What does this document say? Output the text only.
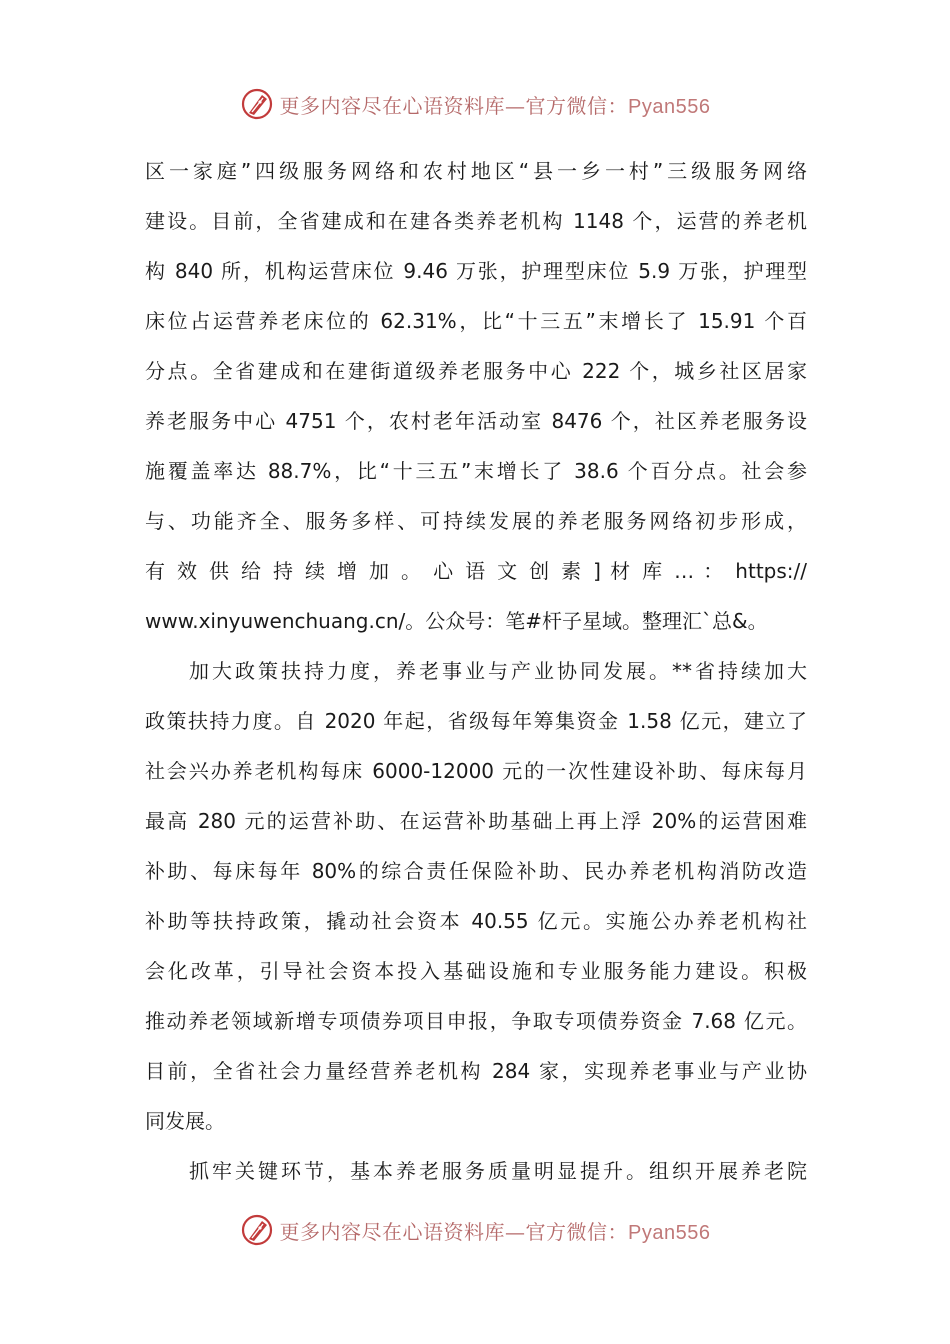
更多内容尽在心语资料库—官方微信：Pyan556
区一家庭”四级服务网络和农村地区“县一乡一村”三级服务网络
建设。目前，全省建成和在建各类养老机构 1148 个，运营的养老机
构 840 所，机构运营床位 9.46 万张，护理型床位 5.9 万张，护理型
床位占运营养老床位的 62.31%，比“十三五”末增长了 15.91 个百
分点。全省建成和在建街道级养老服务中心 222 个，城乡社区居家
养老服务中心 4751 个，农村老年活动室 8476 个，社区养老服务设
施覆盖率达 88.7%，比“十三五”末增长了 38.6 个百分点。社会参
与、功能齐全、服务多样、可持续发展的养老服务网络初步形成，
有 效 供 给 持 续 增 加 。 心 语 文 创 素 ] 材 库 … ： https://
www.xinyuwenchuang.cn/。公众号：笔#杆子星域。整理汇`总&。
加大政策扶持力度，养老事业与产业协同发展。**省持续加大
政策扶持力度。自 2020 年起，省级每年筹集资金 1.58 亿元，建立了
社会兴办养老机构每床 6000-12000 元的一次性建设补助、每床每月
最高 280 元的运营补助、在运营补助基础上再上浮 20%的运营困难
补助、每床每年 80%的综合责任保险补助、民办养老机构消防改造
补助等扶持政策，撬动社会资本 40.55 亿元。实施公办养老机构社
会化改革，引导社会资本投入基础设施和专业服务能力建设。积极
推动养老领域新增专项债券项目申报，争取专项债券资金 7.68 亿元。
目前，全省社会力量经营养老机构 284 家，实现养老事业与产业协
同发展。
抓牢关键环节，基本养老服务质量明显提升。组织开展养老院
更多内容尽在心语资料库—官方微信：Pyan556
